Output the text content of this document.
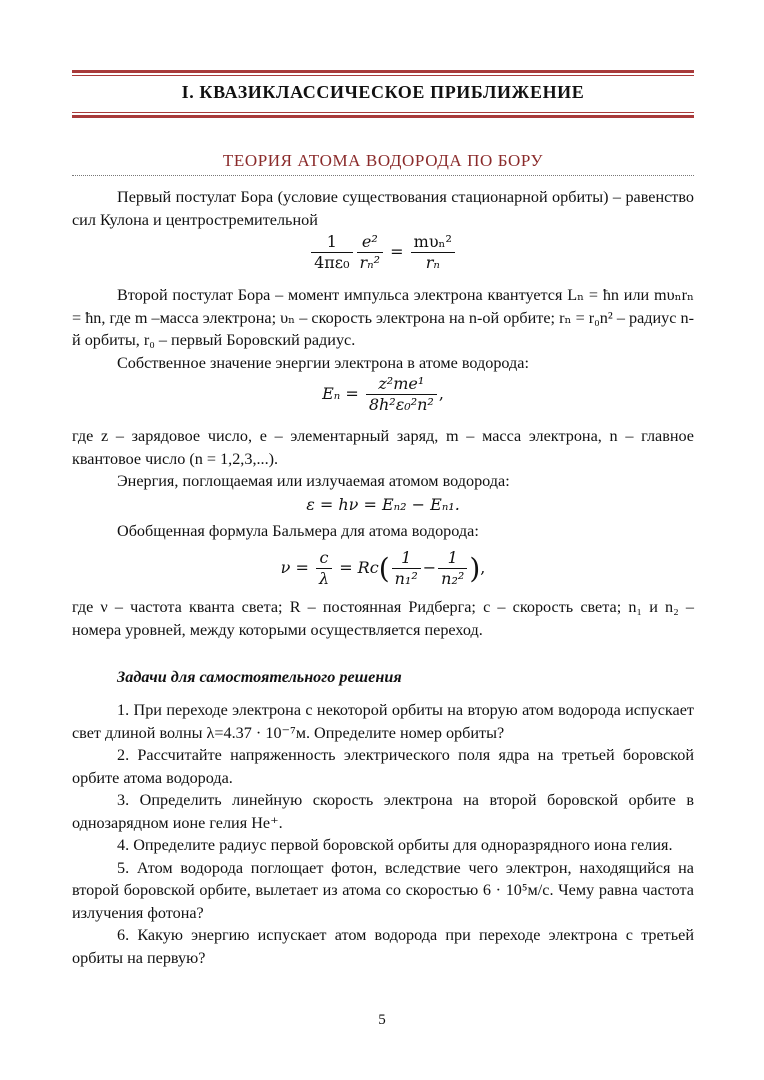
I. КВАЗИКЛАССИЧЕСКОЕ ПРИБЛИЖЕНИЕ
ТЕОРИЯ АТОМА ВОДОРОДА ПО БОРУ

Первый постулат Бора (условие существования стационарной орбиты) – равенство сил Кулона и центростремительной

$\frac{1}{\text{4πε₀}} \frac{\text{e²}}{\text{rₙ²}} = \frac{\text{mυₙ²}}{\text{rₙ}}$

Второй постулат Бора – момент импульса электрона квантуется Lₙ = ħn или mυₙrₙ = ħn, где m –масса электрона; υₙ – скорость электрона на n-ой орбите; rₙ = r₀n² – радиус n-й орбиты, r₀ – первый Боровский радиус.

Собственное значение энергии электрона в атоме водорода:

$E_n = \frac{\text{z²me¹}}{\text{8h²ε₀²n²}}$ ,

где z – зарядовое число, e – элементарный заряд, m – масса электрона, n – главное квантовое число (n = 1,2,3,...).

Энергия, поглощаемая или излучаемая атомом водорода:

ε = hν = Eₙ₂ − Eₙ₁.

Обобщенная формула Бальмера для атома водорода:

$\nu = \frac{c}{\lambda} = Rc( \frac{1}{\text{n₁²}} - \frac{1}{\text{n₂²}}$ ),

где ν – частота кванта света; R – постоянная Ридберга; c – скорость света; n₁ и n₂ – номера уровней, между которыми осуществляется переход.

Задачи для самостоятельного решения

1. При переходе электрона с некоторой орбиты на вторую атом водорода испускает свет длиной волны λ=4.37 · 10⁻⁷м. Определите номер орбиты?

2. Рассчитайте напряженность электрического поля ядра на третьей боровской орбите атома водорода.

3. Определить линейную скорость электрона на второй боровской орбите в однозарядном ионе гелия He⁺.

4. Определите радиус первой боровской орбиты для одноразрядного иона гелия.

5. Атом водорода поглощает фотон, вследствие чего электрон, находящийся на второй боровской орбите, вылетает из атома со скоростью 6 · 10⁵м/с. Чему равна частота излучения фотона?

6. Какую энергию испускает атом водорода при переходе электрона с третьей орбиты на первую?

5
